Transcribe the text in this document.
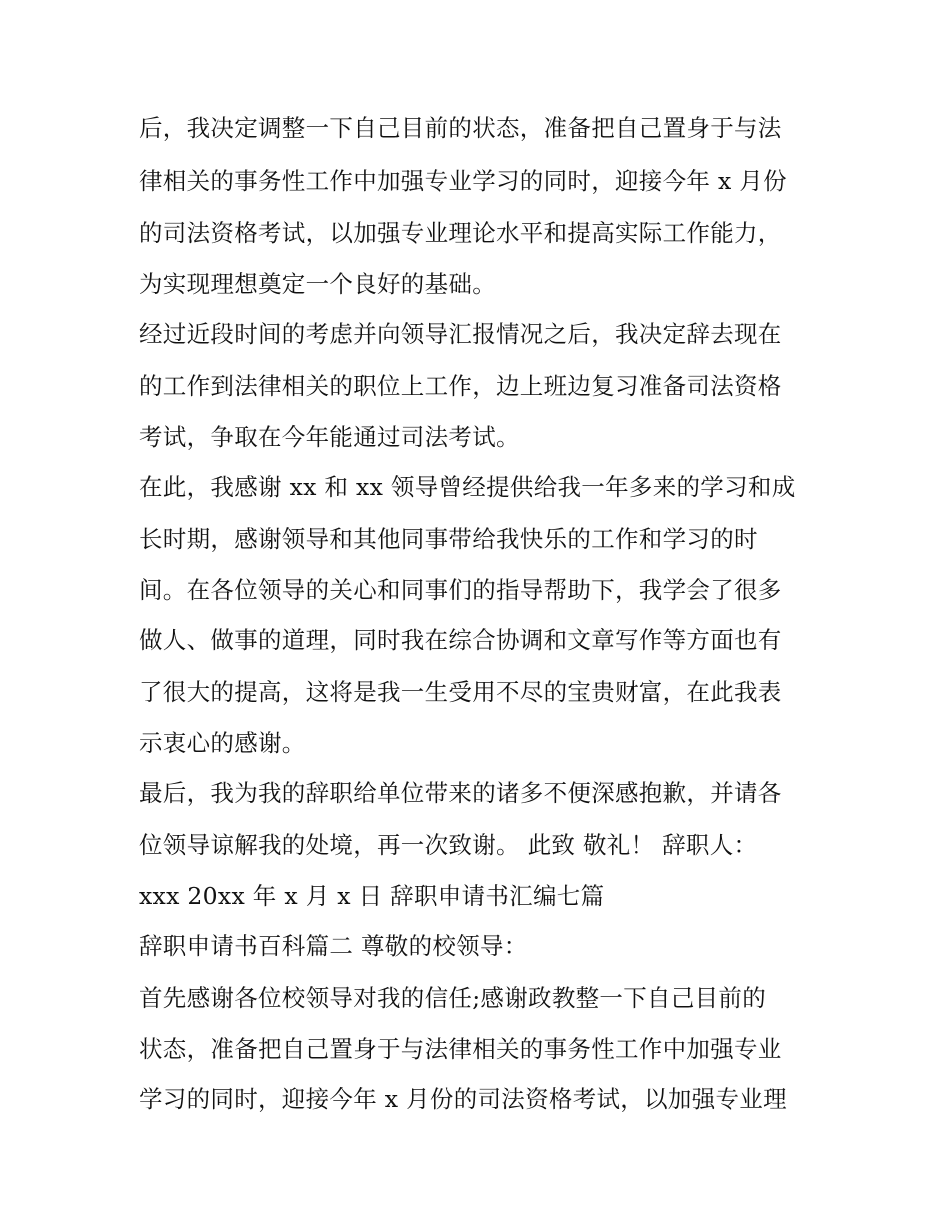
后，我决定调整一下自己目前的状态，准备把自己置身于与法
律相关的事务性工作中加强专业学习的同时，迎接今年 x 月份
的司法资格考试，以加强专业理论水平和提高实际工作能力，
为实现理想奠定一个良好的基础。
经过近段时间的考虑并向领导汇报情况之后，我决定辞去现在
的工作到法律相关的职位上工作，边上班边复习准备司法资格
考试，争取在今年能通过司法考试。
在此，我感谢 xx 和 xx 领导曾经提供给我一年多来的学习和成
长时期，感谢领导和其他同事带给我快乐的工作和学习的时
间。在各位领导的关心和同事们的指导帮助下，我学会了很多
做人、做事的道理，同时我在综合协调和文章写作等方面也有
了很大的提高，这将是我一生受用不尽的宝贵财富，在此我表
示衷心的感谢。
最后，我为我的辞职给单位带来的诸多不便深感抱歉，并请各
位领导谅解我的处境，再一次致谢。 此致 敬礼！ 辞职人：
xxx 20xx 年 x 月 x 日 辞职申请书汇编七篇
辞职申请书百科篇二 尊敬的校领导：
首先感谢各位校领导对我的信任;感谢政教整一下自己目前的
状态，准备把自己置身于与法律相关的事务性工作中加强专业
学习的同时，迎接今年 x 月份的司法资格考试，以加强专业理
